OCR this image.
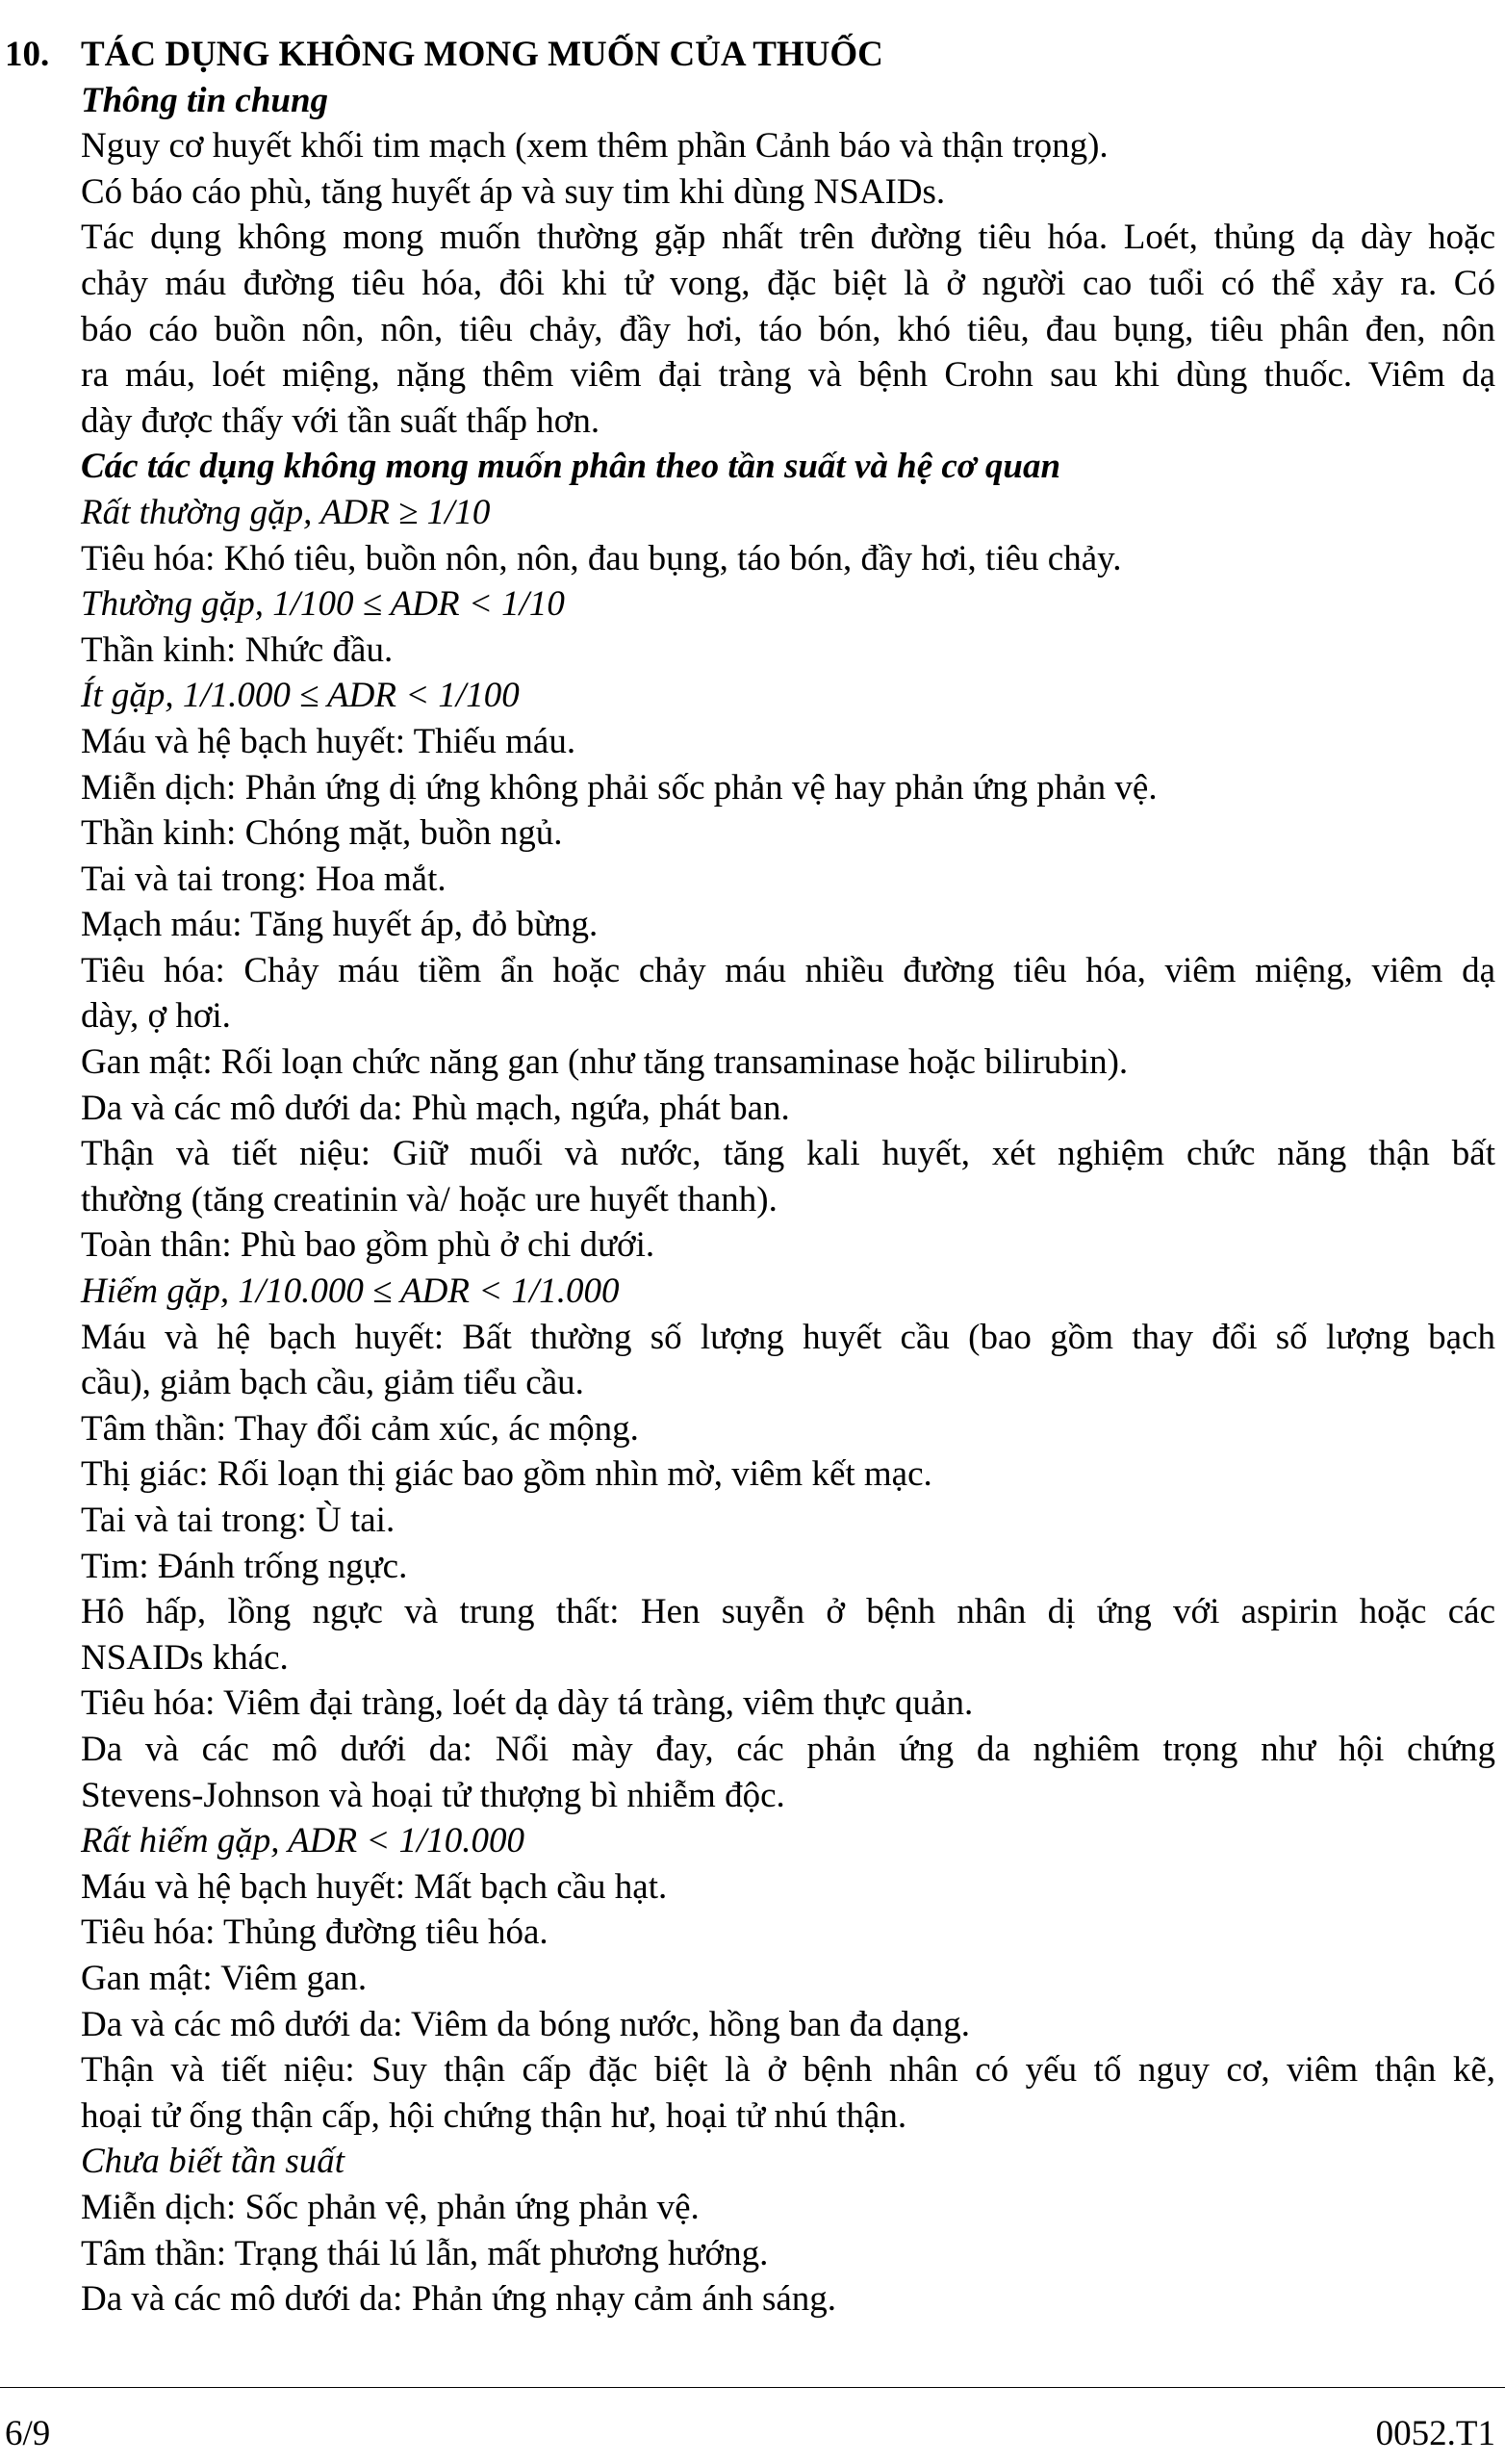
10. TÁC DỤNG KHÔNG MONG MUỐN CỦA THUỐC
Thông tin chung
Nguy cơ huyết khối tim mạch (xem thêm phần Cảnh báo và thận trọng).
Có báo cáo phù, tăng huyết áp và suy tim khi dùng NSAIDs.
Tác dụng không mong muốn thường gặp nhất trên đường tiêu hóa. Loét, thủng dạ dày hoặc
chảy máu đường tiêu hóa, đôi khi tử vong, đặc biệt là ở người cao tuổi có thể xảy ra. Có
báo cáo buồn nôn, nôn, tiêu chảy, đầy hơi, táo bón, khó tiêu, đau bụng, tiêu phân đen, nôn
ra máu, loét miệng, nặng thêm viêm đại tràng và bệnh Crohn sau khi dùng thuốc. Viêm dạ
dày được thấy với tần suất thấp hơn.
Các tác dụng không mong muốn phân theo tần suất và hệ cơ quan
Rất thường gặp, ADR ≥ 1/10
Tiêu hóa: Khó tiêu, buồn nôn, nôn, đau bụng, táo bón, đầy hơi, tiêu chảy.
Thường gặp, 1/100 ≤ ADR < 1/10
Thần kinh: Nhức đầu.
Ít gặp, 1/1.000 ≤ ADR < 1/100
Máu và hệ bạch huyết: Thiếu máu.
Miễn dịch: Phản ứng dị ứng không phải sốc phản vệ hay phản ứng phản vệ.
Thần kinh: Chóng mặt, buồn ngủ.
Tai và tai trong: Hoa mắt.
Mạch máu: Tăng huyết áp, đỏ bừng.
Tiêu hóa: Chảy máu tiềm ẩn hoặc chảy máu nhiều đường tiêu hóa, viêm miệng, viêm dạ
dày, ợ hơi.
Gan mật: Rối loạn chức năng gan (như tăng transaminase hoặc bilirubin).
Da và các mô dưới da: Phù mạch, ngứa, phát ban.
Thận và tiết niệu: Giữ muối và nước, tăng kali huyết, xét nghiệm chức năng thận bất
thường (tăng creatinin và/ hoặc ure huyết thanh).
Toàn thân: Phù bao gồm phù ở chi dưới.
Hiếm gặp, 1/10.000 ≤ ADR < 1/1.000
Máu và hệ bạch huyết: Bất thường số lượng huyết cầu (bao gồm thay đổi số lượng bạch
cầu), giảm bạch cầu, giảm tiểu cầu.
Tâm thần: Thay đổi cảm xúc, ác mộng.
Thị giác: Rối loạn thị giác bao gồm nhìn mờ, viêm kết mạc.
Tai và tai trong: Ù tai.
Tim: Đánh trống ngực.
Hô hấp, lồng ngực và trung thất: Hen suyễn ở bệnh nhân dị ứng với aspirin hoặc các
NSAIDs khác.
Tiêu hóa: Viêm đại tràng, loét dạ dày tá tràng, viêm thực quản.
Da và các mô dưới da: Nổi mày đay, các phản ứng da nghiêm trọng như hội chứng
Stevens-Johnson và hoại tử thượng bì nhiễm độc.
Rất hiếm gặp, ADR < 1/10.000
Máu và hệ bạch huyết: Mất bạch cầu hạt.
Tiêu hóa: Thủng đường tiêu hóa.
Gan mật: Viêm gan.
Da và các mô dưới da: Viêm da bóng nước, hồng ban đa dạng.
Thận và tiết niệu: Suy thận cấp đặc biệt là ở bệnh nhân có yếu tố nguy cơ, viêm thận kẽ,
hoại tử ống thận cấp, hội chứng thận hư, hoại tử nhú thận.
Chưa biết tần suất
Miễn dịch: Sốc phản vệ, phản ứng phản vệ.
Tâm thần: Trạng thái lú lẫn, mất phương hướng.
Da và các mô dưới da: Phản ứng nhạy cảm ánh sáng.
6/9	0052.T1
